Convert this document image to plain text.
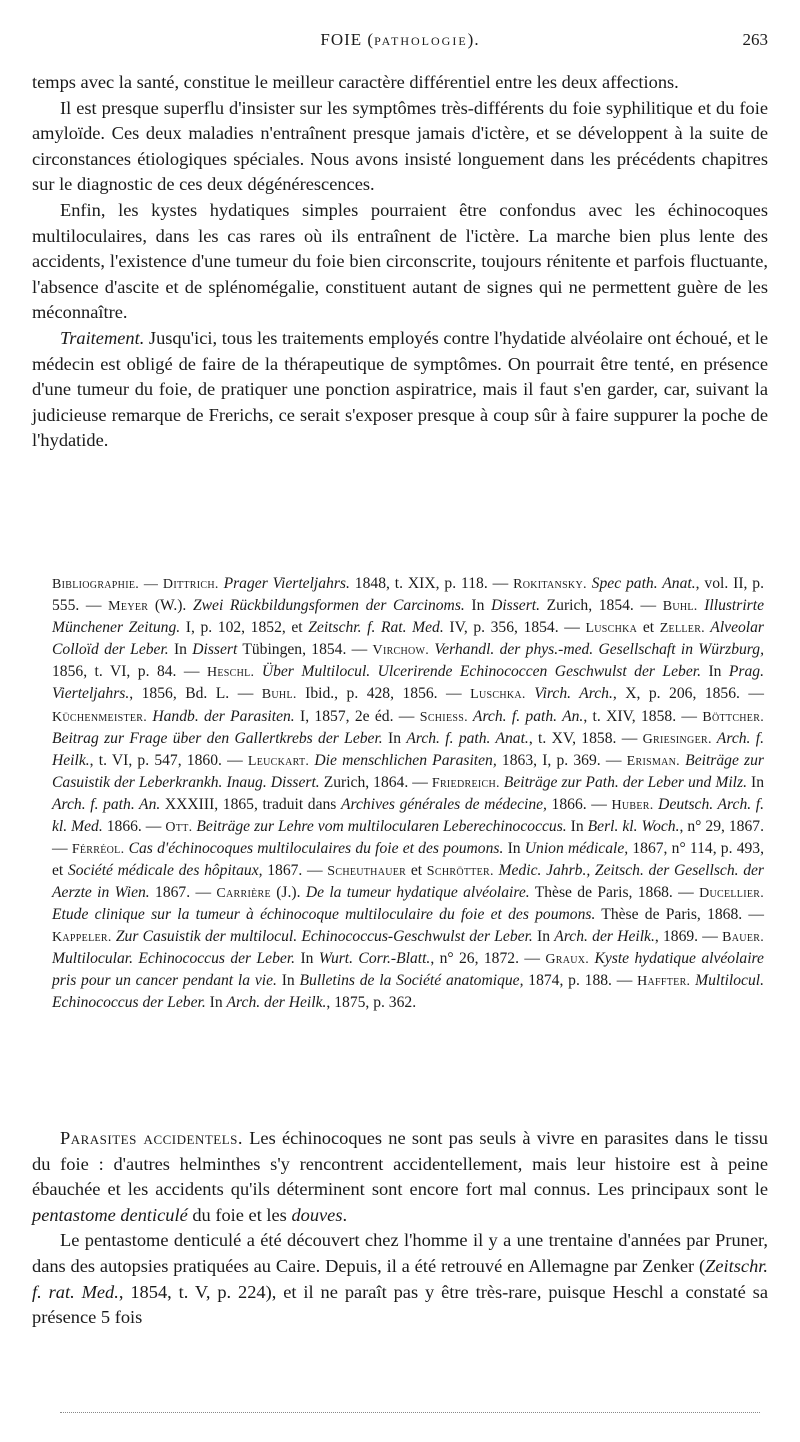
FOIE (PATHOLOGIE).	263

temps avec la santé, constitue le meilleur caractère différentiel entre les deux affections.

Il est presque superflu d'insister sur les symptômes très-différents du foie syphilitique et du foie amyloïde. Ces deux maladies n'entraînent presque jamais d'ictère, et se développent à la suite de circonstances étiologiques spéciales. Nous avons insisté longuement dans les précédents chapitres sur le diagnostic de ces deux dégénérescences.

Enfin, les kystes hydatiques simples pourraient être confondus avec les échinocoques multiloculaires, dans les cas rares où ils entraînent de l'ictère. La marche bien plus lente des accidents, l'existence d'une tumeur du foie bien circonscrite, toujours rénitente et parfois fluctuante, l'absence d'ascite et de splénomégalie, constituent autant de signes qui ne permettent guère de les méconnaître.

Traitement. Jusqu'ici, tous les traitements employés contre l'hydatide alvéolaire ont échoué, et le médecin est obligé de faire de la thérapeutique de symptômes. On pourrait être tenté, en présence d'une tumeur du foie, de pratiquer une ponction aspiratrice, mais il faut s'en garder, car, suivant la judicieuse remarque de Frerichs, ce serait s'exposer presque à coup sûr à faire suppurer la poche de l'hydatide.

Bibliographie. — Dittrich. Prager Vierteljahrs. 1848, t. XIX, p. 118. — Rokitansky. Spec path. Anat., vol. II, p. 555. — Meyer (W.). Zwei Rückbildungsformen der Carcinoms. In Dissert. Zurich, 1854. — Buhl. Illustrirte Münchener Zeitung. I, p. 102, 1852, et Zeitschr. f. Rat. Med. IV, p. 356, 1854. — Luschka et Zeller. Alveolar Colloïd der Leber. In Dissert Tübingen, 1854. — Virchow. Verhandl. der phys.-med. Gesellschaft in Würzburg, 1856, t. VI, p. 84. — Heschl. Über Multilocul. Ulcerirende Echinococcen Geschwulst der Leber. In Prag. Vierteljahrs., 1856, Bd. L. — Buhl. Ibid., p. 428, 1856. — Luschka. Virch. Arch., X, p. 206, 1856. — Küchenmeister. Handb. der Parasiten. I, 1857, 2e éd. — Schiess. Arch. f. path. An., t. XIV, 1858. — Böttcher. Beitrag zur Frage über den Gallertkrebs der Leber. In Arch. f. path. Anat., t. XV, 1858. — Griesinger. Arch. f. Heilk., t. VI, p. 547, 1860. — Leuckart. Die menschlichen Parasiten, 1863, I, p. 369. — Erisman. Beiträge zur Casuistik der Leberkrankh. Inaug. Dissert. Zurich, 1864. — Friedreich. Beiträge zur Path. der Leber und Milz. In Arch. f. path. An. XXXIII, 1865, traduit dans Archives générales de médecine, 1866. — Huber. Deutsch. Arch. f. kl. Med. 1866. — Ott. Beiträge zur Lehre vom multilocularen Leberechinococcus. In Berl. kl. Woch., n° 29, 1867. — Férréol. Cas d'échinocoques multiloculaires du foie et des poumons. In Union médicale, 1867, n° 114, p. 493, et Société médicale des hôpitaux, 1867. — Scheuthauer et Schrötter. Medic. Jahrb., Zeitsch. der Gesellsch. der Aerzte in Wien. 1867. — Carrière (J.). De la tumeur hydatique alvéolaire. Thèse de Paris, 1868. — Ducellier. Etude clinique sur la tumeur à échinocoque multiloculaire du foie et des poumons. Thèse de Paris, 1868. — Kappeler. Zur Casuistik der multilocul. Echinococcus-Geschwulst der Leber. In Arch. der Heilk., 1869. — Bauer. Multilocular. Echinococcus der Leber. In Wurt. Corr.-Blatt., n° 26, 1872. — Graux. Kyste hydatique alvéolaire pris pour un cancer pendant la vie. In Bulletins de la Société anatomique, 1874, p. 188. — Haffter. Multilocul. Echinococcus der Leber. In Arch. der Heilk., 1875, p. 362.

Parasites accidentels. Les échinocoques ne sont pas seuls à vivre en parasites dans le tissu du foie : d'autres helminthes s'y rencontrent accidentellement, mais leur histoire est à peine ébauchée et les accidents qu'ils déterminent sont encore fort mal connus. Les principaux sont le pentastome denticulé du foie et les douves.

Le pentastome denticulé a été découvert chez l'homme il y a une trentaine d'années par Pruner, dans des autopsies pratiquées au Caire. Depuis, il a été retrouvé en Allemagne par Zenker (Zeitschr. f. rat. Med., 1854, t. V, p. 224), et il ne paraît pas y être très-rare, puisque Heschl a constaté sa présence 5 fois
